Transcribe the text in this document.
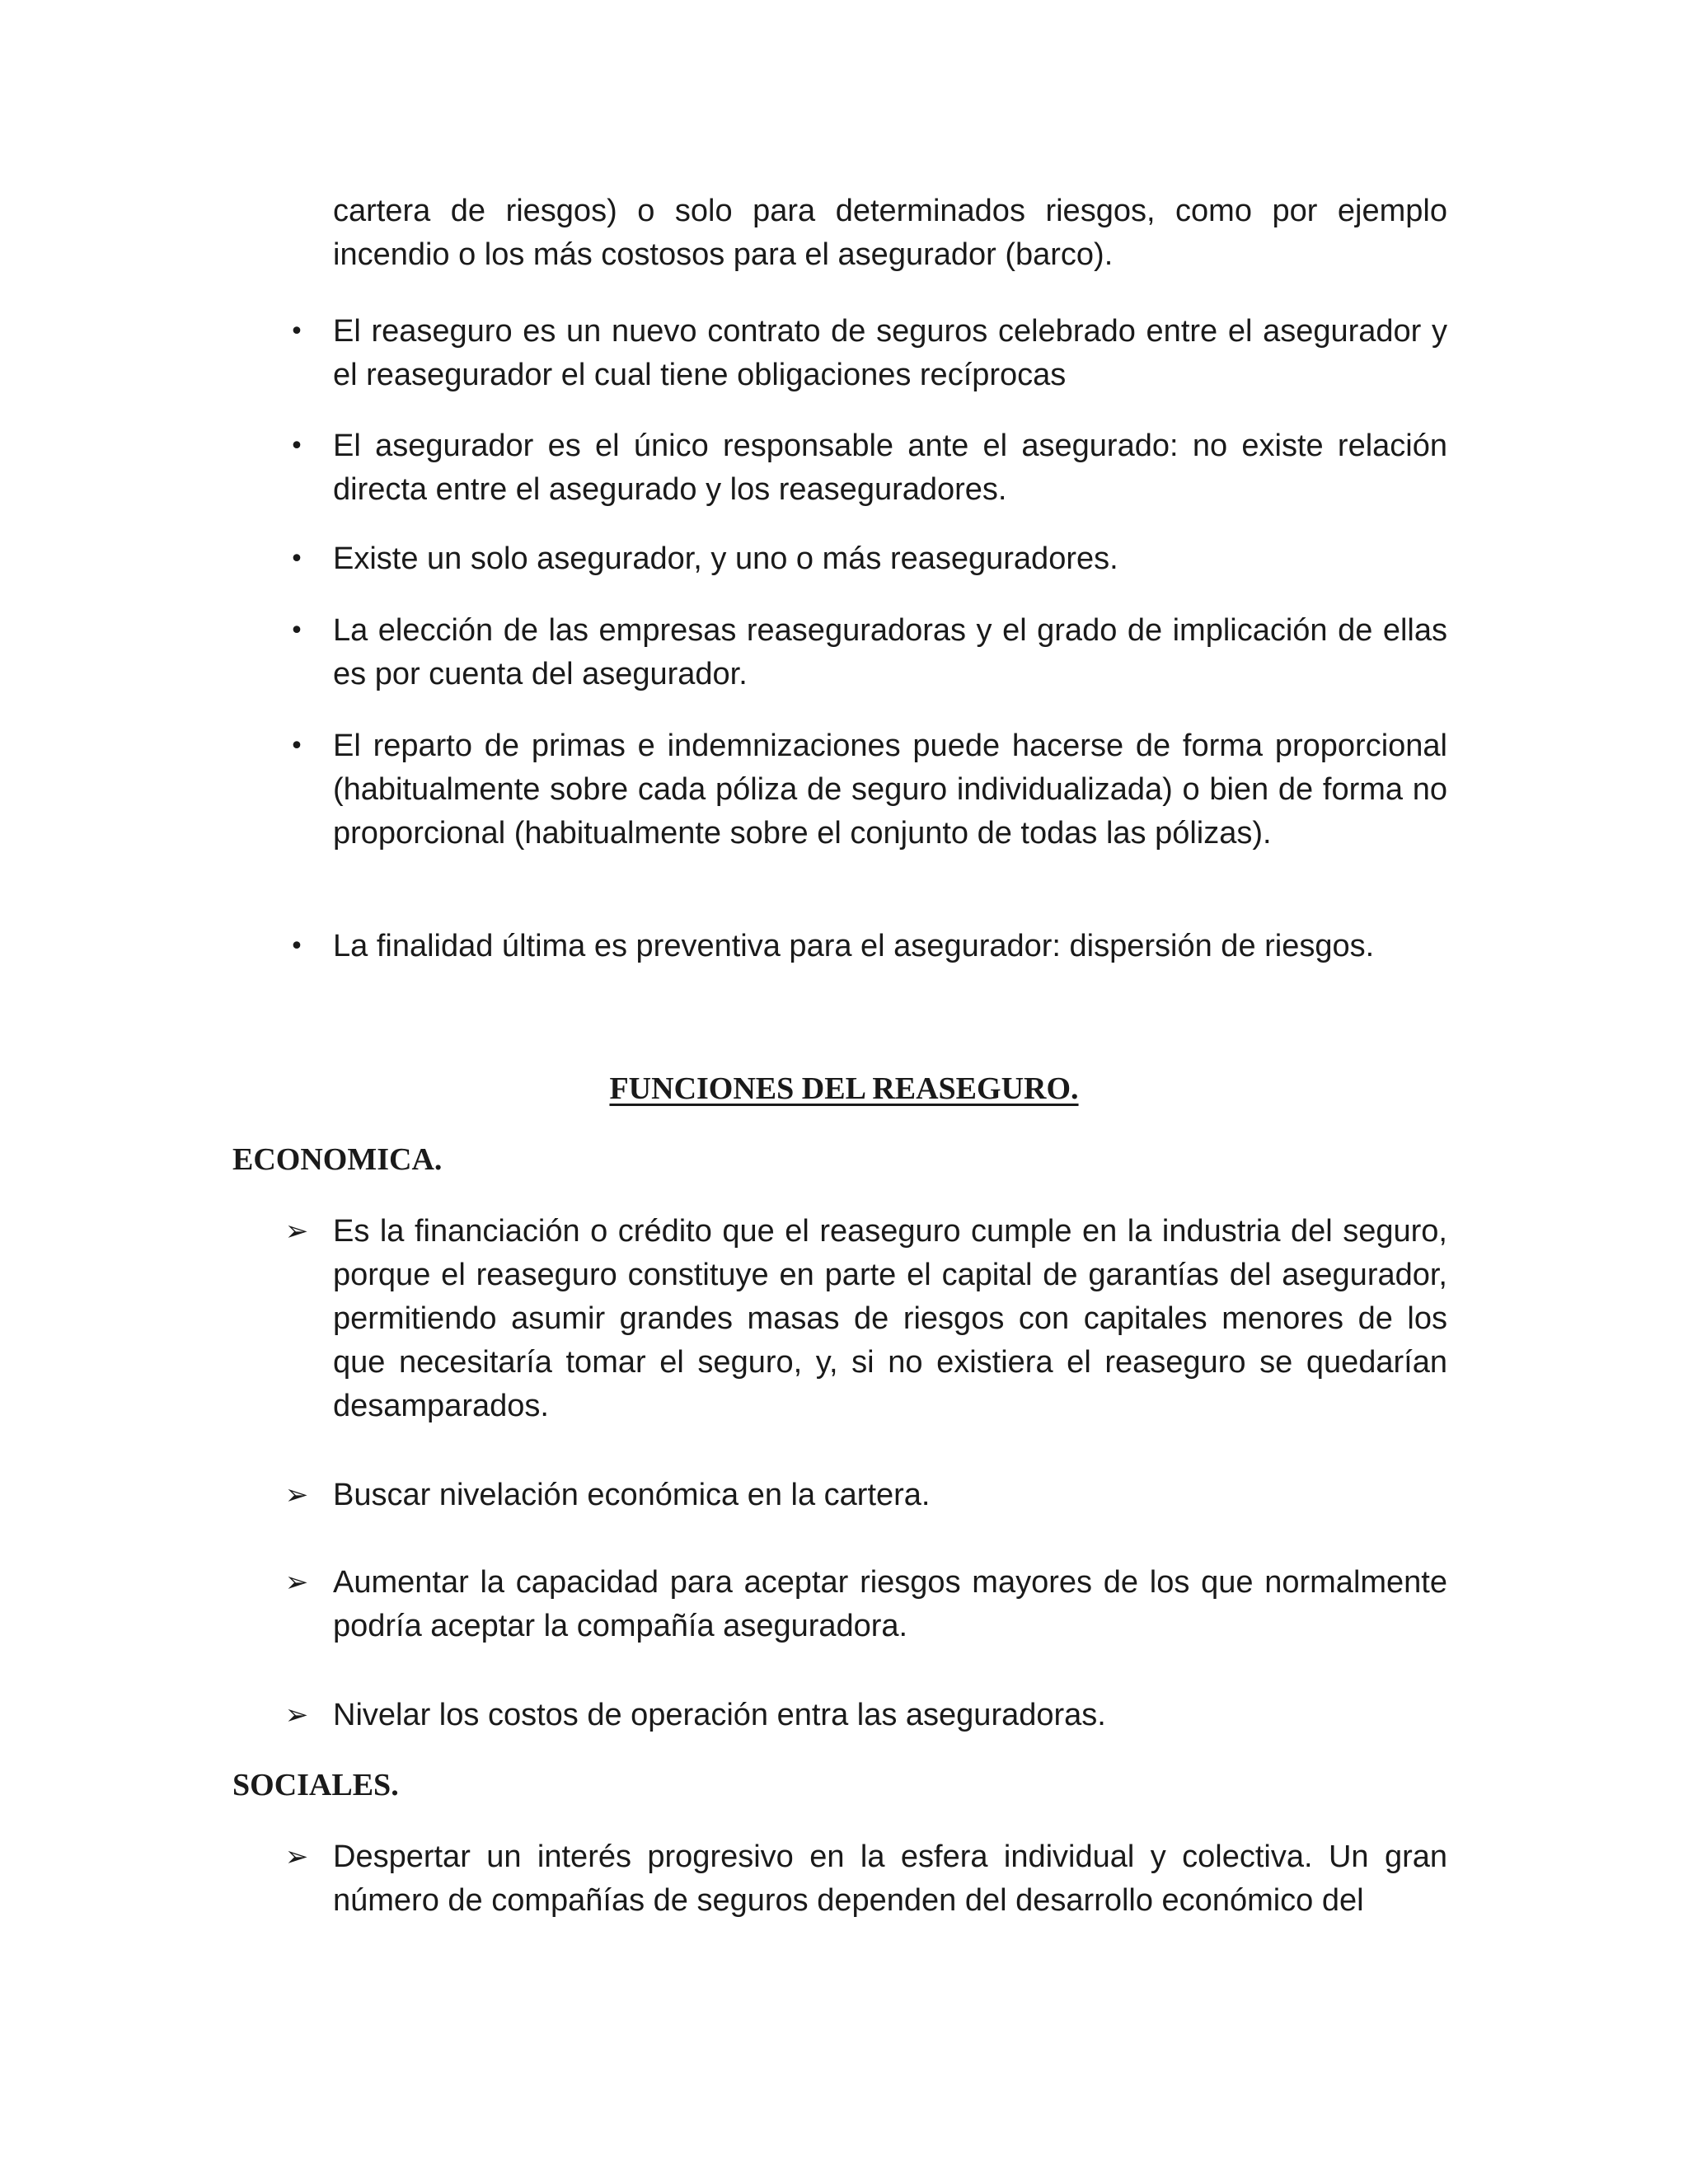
cartera de riesgos) o solo para determinados riesgos, como por ejemplo incendio o los más costosos para el asegurador (barco).

• El reaseguro es un nuevo contrato de seguros celebrado entre el asegurador y el reasegurador el cual tiene obligaciones recíprocas

• El asegurador es el único responsable ante el asegurado: no existe relación directa entre el asegurado y los reaseguradores.

• Existe un solo asegurador, y uno o más reaseguradores.

• La elección de las empresas reaseguradoras y el grado de implicación de ellas es por cuenta del asegurador.

• El reparto de primas e indemnizaciones puede hacerse de forma proporcional (habitualmente sobre cada póliza de seguro individualizada) o bien de forma no proporcional (habitualmente sobre el conjunto de todas las pólizas).

• La finalidad última es preventiva para el asegurador: dispersión de riesgos.

FUNCIONES DEL REASEGURO.
ECONOMICA.
➢ Es la financiación o crédito que el reaseguro cumple en la industria del seguro, porque el reaseguro constituye en parte el capital de garantías del asegurador, permitiendo asumir grandes masas de riesgos con capitales menores de los que necesitaría tomar el seguro, y, si no existiera el reaseguro se quedarían desamparados.

➢ Buscar nivelación económica en la cartera.

➢ Aumentar la capacidad para aceptar riesgos mayores de los que normalmente podría aceptar la compañía aseguradora.

➢ Nivelar los costos de operación entra las aseguradoras.

SOCIALES.
➢ Despertar un interés progresivo en la esfera individual y colectiva. Un gran número de compañías de seguros dependen del desarrollo económico del
